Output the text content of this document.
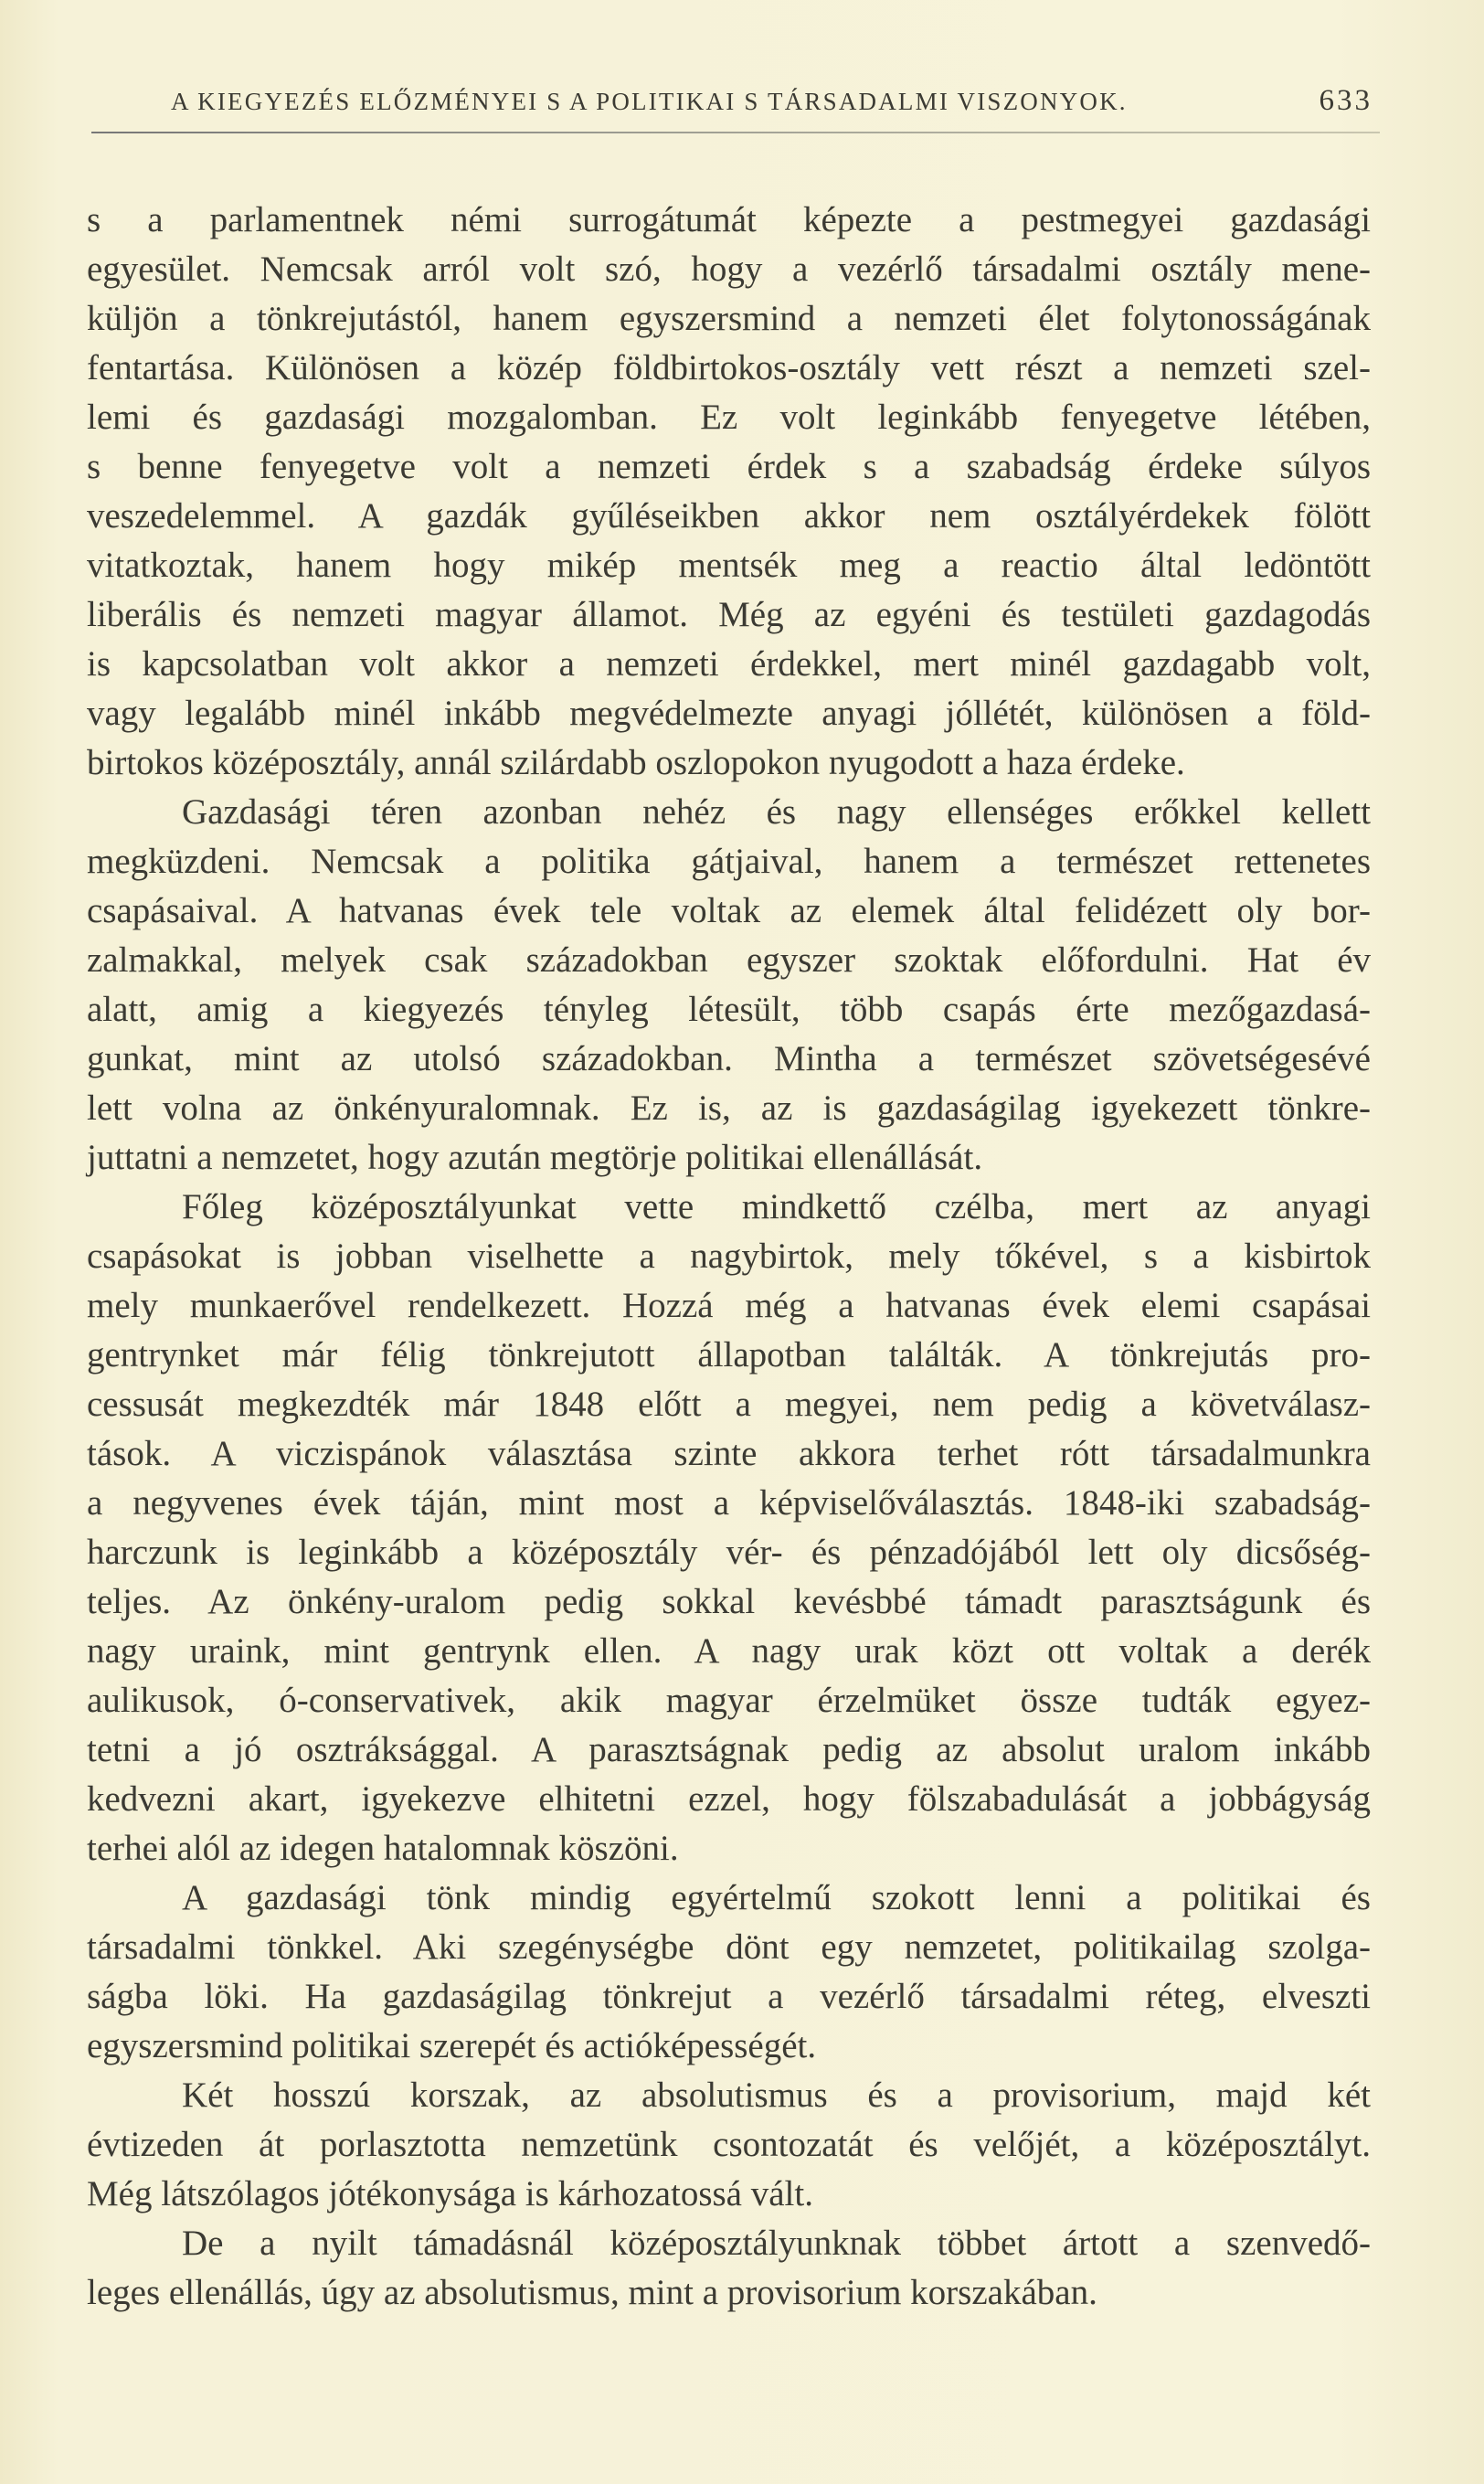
A KIEGYEZÉS ELŐZMÉNYEI S A POLITIKAI S TÁRSADALMI VISZONYOK.	633
s a parlamentnek némi surrogátumát képezte a pestmegyei gazdasági
egyesület. Nemcsak arról volt szó, hogy a vezérlő társadalmi osztály mene-
küljön a tönkrejutástól, hanem egyszersmind a nemzeti élet folytonosságának
fentartása. Különösen a közép földbirtokos-osztály vett részt a nemzeti szel-
lemi és gazdasági mozgalomban. Ez volt leginkább fenyegetve létében,
s benne fenyegetve volt a nemzeti érdek s a szabadság érdeke súlyos
veszedelemmel. A gazdák gyűléseikben akkor nem osztályérdekek fölött
vitatkoztak, hanem hogy mikép mentsék meg a reactio által ledöntött
liberális és nemzeti magyar államot. Még az egyéni és testületi gazdagodás
is kapcsolatban volt akkor a nemzeti érdekkel, mert minél gazdagabb volt,
vagy legalább minél inkább megvédelmezte anyagi jóllétét, különösen a föld-
birtokos középosztály, annál szilárdabb oszlopokon nyugodott a haza érdeke.
Gazdasági téren azonban nehéz és nagy ellenséges erőkkel kellett
megküzdeni. Nemcsak a politika gátjaival, hanem a természet rettenetes
csapásaival. A hatvanas évek tele voltak az elemek által felidézett oly bor-
zalmakkal, melyek csak századokban egyszer szoktak előfordulni. Hat év
alatt, amig a kiegyezés tényleg létesült, több csapás érte mezőgazdasá-
gunkat, mint az utolsó századokban. Mintha a természet szövetségesévé
lett volna az önkényuralomnak. Ez is, az is gazdaságilag igyekezett tönkre-
juttatni a nemzetet, hogy azután megtörje politikai ellenállását.
Főleg középosztályunkat vette mindkettő czélba, mert az anyagi
csapásokat is jobban viselhette a nagybirtok, mely tőkével, s a kisbirtok
mely munkaerővel rendelkezett. Hozzá még a hatvanas évek elemi csapásai
gentrynket már félig tönkrejutott állapotban találták. A tönkrejutás pro-
cessusát megkezdték már 1848 előtt a megyei, nem pedig a követválasz-
tások. A viczispánok választása szinte akkora terhet rótt társadalmunkra
a negyvenes évek táján, mint most a képviselőválasztás. 1848-iki szabadság-
harczunk is leginkább a középosztály vér- és pénzadójából lett oly dicsőség-
teljes. Az önkény-uralom pedig sokkal kevésbbé támadt parasztságunk és
nagy uraink, mint gentrynk ellen. A nagy urak közt ott voltak a derék
aulikusok, ó-conservativek, akik magyar érzelmüket össze tudták egyez-
tetni a jó osztráksággal. A parasztságnak pedig az absolut uralom inkább
kedvezni akart, igyekezve elhitetni ezzel, hogy fölszabadulását a jobbágyság
terhei alól az idegen hatalomnak köszöni.
A gazdasági tönk mindig egyértelmű szokott lenni a politikai és
társadalmi tönkkel. Aki szegénységbe dönt egy nemzetet, politikailag szolga-
ságba löki. Ha gazdaságilag tönkrejut a vezérlő társadalmi réteg, elveszti
egyszersmind politikai szerepét és actióképességét.
Két hosszú korszak, az absolutismus és a provisorium, majd két
évtizeden át porlasztotta nemzetünk csontozatát és velőjét, a középosztályt.
Még látszólagos jótékonysága is kárhozatossá vált.
De a nyilt támadásnál középosztályunknak többet ártott a szenvedő-
leges ellenállás, úgy az absolutismus, mint a provisorium korszakában.
